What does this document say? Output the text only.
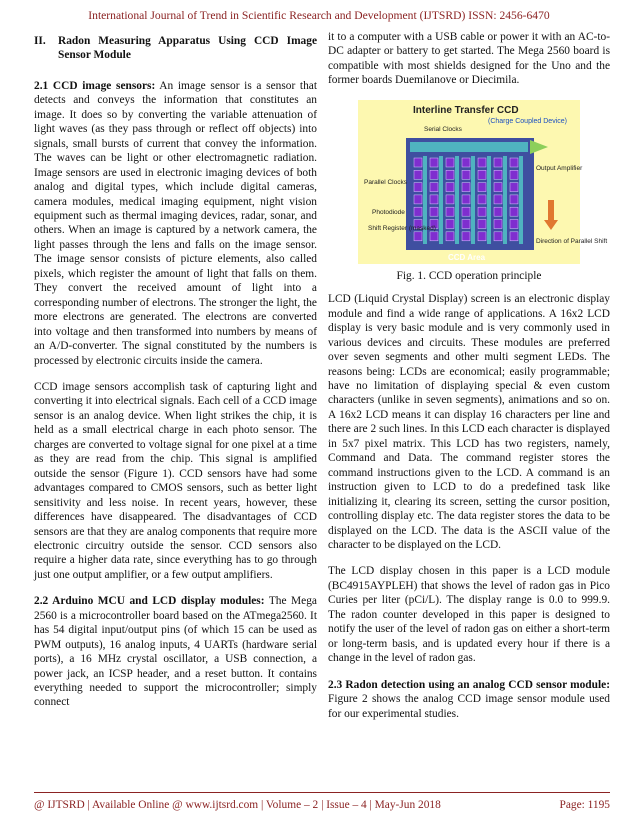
International Journal of Trend in Scientific Research and Development (IJTSRD) ISSN: 2456-6470
II.	Radon Measuring Apparatus Using CCD Image Sensor Module

2.1 CCD image sensors: An image sensor is a sensor that detects and conveys the information that constitutes an image. It does so by converting the variable attenuation of light waves (as they pass through or reflect off objects) into signals, small bursts of current that convey the information. The waves can be light or other electromagnetic radiation. Image sensors are used in electronic imaging devices of both analog and digital types, which include digital cameras, camera modules, medical imaging equipment, night vision equipment such as thermal imaging devices, radar, sonar, and others. When an image is captured by a network camera, the light passes through the lens and falls on the image sensor. The image sensor consists of picture elements, also called pixels, which register the amount of light that falls on them. They convert the received amount of light into a corresponding number of electrons. The stronger the light, the more electrons are generated. The electrons are converted into voltage and then transformed into numbers by means of an A/D-converter. The signal constituted by the numbers is processed by electronic circuits inside the camera.

CCD image sensors accomplish task of capturing light and converting it into electrical signals. Each cell of a CCD image sensor is an analog device. When light strikes the chip, it is held as a small electrical charge in each photo sensor. The charges are converted to voltage signal for one pixel at a time as they are read from the chip. This signal is amplified outside the sensor (Figure 1). CCD sensors have had some advantages compared to CMOS sensors, such as better light sensitivity and less noise. In recent years, however, these differences have disappeared. The disadvantages of CCD sensors are that they are analog components that require more electronic circuitry outside the sensor. CCD sensors also require a higher data rate, since everything has to go through just one output amplifier, or a few output amplifiers.

2.2 Arduino MCU and LCD display modules: The Mega 2560 is a microcontroller board based on the ATmega2560. It has 54 digital input/output pins (of which 15 can be used as PWM outputs), 16 analog inputs, 4 UARTs (hardware serial ports), a 16 MHz crystal oscillator, a USB connection, a power jack, an ICSP header, and a reset button. It contains everything needed to support the microcontroller; simply connect

it to a computer with a USB cable or power it with an AC-to-DC adapter or battery to get started. The Mega 2560 board is compatible with most shields designed for the Uno and the former boards Duemilanove or Diecimila.

Interline Transfer CCD
(Charge Coupled Device)
Serial Clocks
Parallel Clocks
Photodiode
Shift Register (masked)
Output Amplifier
Direction of Parallel Shift
CCD Area
Fig. 1. CCD operation principle

LCD (Liquid Crystal Display) screen is an electronic display module and find a wide range of applications. A 16x2 LCD display is very basic module and is very commonly used in various devices and circuits. These modules are preferred over seven segments and other multi segment LEDs. The reasons being: LCDs are economical; easily programmable; have no limitation of displaying special & even custom characters (unlike in seven segments), animations and so on. A 16x2 LCD means it can display 16 characters per line and there are 2 such lines. In this LCD each character is displayed in 5x7 pixel matrix. This LCD has two registers, namely, Command and Data. The command register stores the command instructions given to the LCD. A command is an instruction given to LCD to do a predefined task like initializing it, clearing its screen, setting the cursor position, controlling display etc. The data register stores the data to be displayed on the LCD. The data is the ASCII value of the character to be displayed on the LCD.

The LCD display chosen in this paper is a LCD module (BC4915AYPLEH) that shows the level of radon gas in Pico Curies per liter (pCi/L). The display range is 0.0 to 999.9. The radon counter developed in this paper is designed to notify the user of the level of radon gas on either a short-term or long-term basis, and is updated every hour if there is a change in the level of radon gas.

2.3 Radon detection using an analog CCD sensor module: Figure 2 shows the analog CCD image sensor module used for our experimental studies.

@ IJTSRD | Available Online @ www.ijtsrd.com | Volume – 2 | Issue – 4 | May-Jun 2018	Page: 1195
